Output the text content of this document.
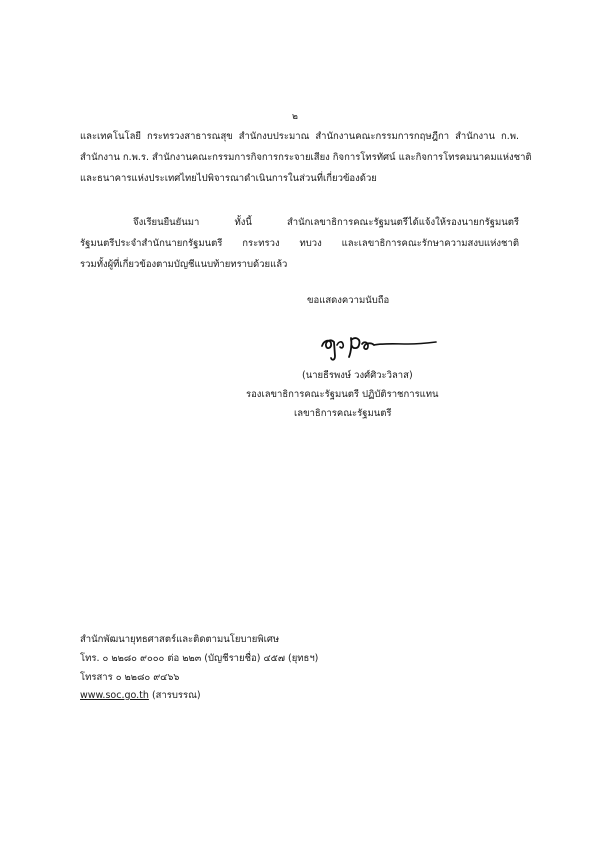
๒
และเทคโนโลยี กระทรวงสาธารณสุข สำนักงบประมาณ สำนักงานคณะกรรมการกฤษฎีกา สำนักงาน ก.พ.
สำนักงาน ก.พ.ร. สำนักงานคณะกรรมการกิจการกระจายเสียง กิจการโทรทัศน์ และกิจการโทรคมนาคมแห่งชาติ
และธนาคารแห่งประเทศไทยไปพิจารณาดำเนินการในส่วนที่เกี่ยวข้องด้วย
จึงเรียนยืนยันมา ทั้งนี้ สำนักเลขาธิการคณะรัฐมนตรีได้แจ้งให้รองนายกรัฐมนตรี
รัฐมนตรีประจำสำนักนายกรัฐมนตรี กระทรวง ทบวง และเลขาธิการคณะรักษาความสงบแห่งชาติ
รวมทั้งผู้ที่เกี่ยวข้องตามบัญชีแนบท้ายทราบด้วยแล้ว
ขอแสดงความนับถือ
(นายธีรพงษ์ วงศ์ศิวะวิลาส)
รองเลขาธิการคณะรัฐมนตรี ปฏิบัติราชการแทน
เลขาธิการคณะรัฐมนตรี
สำนักพัฒนายุทธศาสตร์และติดตามนโยบายพิเศษ
โทร. ๐ ๒๒๘๐ ๙๐๐๐ ต่อ ๒๒๓ (บัญชีรายชื่อ) ๔๕๗ (ยุทธฯ)
โทรสาร ๐ ๒๒๘๐ ๙๔๖๖
www.soc.go.th (สารบรรณ)
